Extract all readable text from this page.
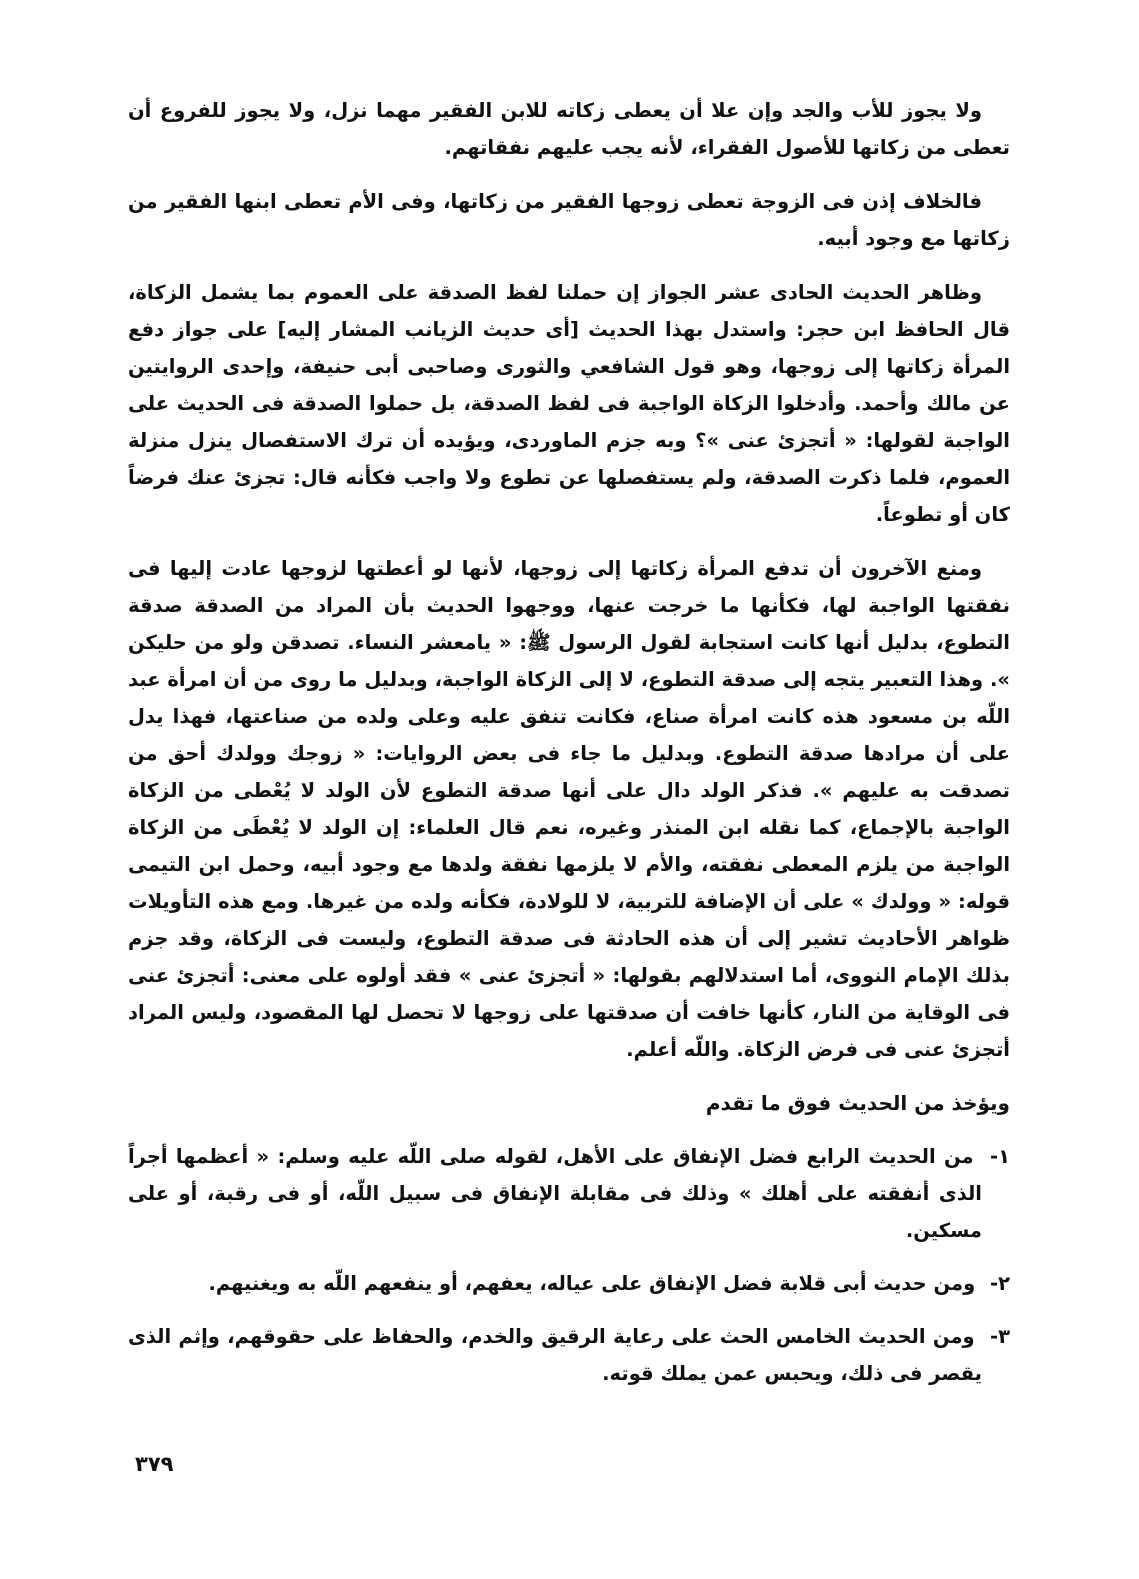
ولا يجوز للأب والجد وإن علا أن يعطى زكاته للابن الفقير مهما نزل، ولا يجوز للفروع أن تعطى من زكاتها للأصول الفقراء، لأنه يجب عليهم نفقاتهم.

فالخلاف إذن فى الزوجة تعطى زوجها الفقير من زكاتها، وفى الأم تعطى ابنها الفقير من زكاتها مع وجود أبيه.

وظاهر الحديث الحادى عشر الجواز إن حملنا لفظ الصدقة على العموم بما يشمل الزكاة، قال الحافظ ابن حجر: واستدل بهذا الحديث [أى حديث الزيانب المشار إليه] على جواز دفع المرأة زكاتها إلى زوجها، وهو قول الشافعي والثورى وصاحبى أبى حنيفة، وإحدى الروايتين عن مالك وأحمد. وأدخلوا الزكاة الواجبة فى لفظ الصدقة، بل حملوا الصدقة فى الحديث على الواجبة لقولها: « أتجزئ عنى »؟ وبه جزم الماوردى، ويؤيده أن ترك الاستفصال ينزل منزلة العموم، فلما ذكرت الصدقة، ولم يستفصلها عن تطوع ولا واجب فكأنه قال: تجزئ عنك فرضاً كان أو تطوعاً.

ومنع الآخرون أن تدفع المرأة زكاتها إلى زوجها، لأنها لو أعطتها لزوجها عادت إليها فى نفقتها الواجبة لها، فكأنها ما خرجت عنها، ووجهوا الحديث بأن المراد من الصدقة صدقة التطوع، بدليل أنها كانت استجابة لقول الرسول ﷺ: « يامعشر النساء. تصدقن ولو من حليكن ». وهذا التعبير يتجه إلى صدقة التطوع، لا إلى الزكاة الواجبة، وبدليل ما روى من أن امرأة عبد اللّه بن مسعود هذه كانت امرأة صناع، فكانت تنفق عليه وعلى ولده من صناعتها، فهذا يدل على أن مرادها صدقة التطوع. وبدليل ما جاء فى بعض الروايات: « زوجك وولدك أحق من تصدقت به عليهم ». فذكر الولد دال على أنها صدقة التطوع لأن الولد لا يُعْطى من الزكاة الواجبة بالإجماع، كما نقله ابن المنذر وغيره، نعم قال العلماء: إن الولد لا يُعْطَى من الزكاة الواجبة من يلزم المعطى نفقته، والأم لا يلزمها نفقة ولدها مع وجود أبيه، وحمل ابن التيمى قوله: « وولدك » على أن الإضافة للتربية، لا للولادة، فكأنه ولده من غيرها. ومع هذه التأويلات ظواهر الأحاديث تشير إلى أن هذه الحادثة فى صدقة التطوع، وليست فى الزكاة، وقد جزم بذلك الإمام النووى، أما استدلالهم بقولها: « أتجزئ عنى » فقد أولوه على معنى: أتجزئ عنى فى الوقاية من النار، كأنها خافت أن صدقتها على زوجها لا تحصل لها المقصود، وليس المراد أتجزئ عنى فى فرض الزكاة. واللّه أعلم.

ويؤخذ من الحديث فوق ما تقدم

١- من الحديث الرابع فضل الإنفاق على الأهل، لقوله صلى اللّه عليه وسلم: « أعظمها أجراً الذى أنفقته على أهلك » وذلك فى مقابلة الإنفاق فى سبيل اللّه، أو فى رقبة، أو على مسكين.

٢- ومن حديث أبى قلابة فضل الإنفاق على عياله، يعفهم، أو ينفعهم اللّه به ويغنيهم.

٣- ومن الحديث الخامس الحث على رعاية الرقيق والخدم، والحفاظ على حقوقهم، وإثم الذى يقصر فى ذلك، ويحبس عمن يملك قوته.

٣٧٩
